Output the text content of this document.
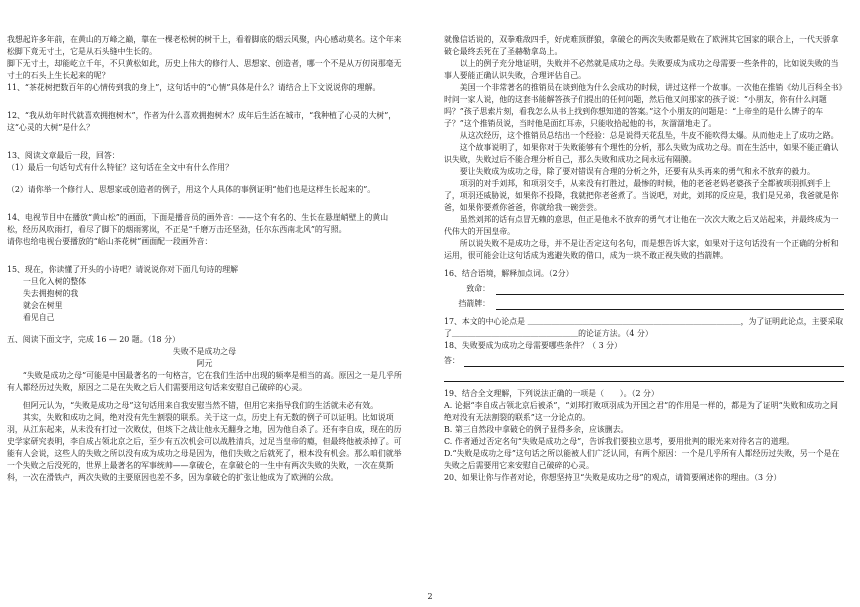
我想起许多年前，在黄山的万峰之巅，靠在一棵老松树的树干上，看着脚底的烟云风聚，内心感动莫名。这个年来松脚下竟无寸土，它是从石头缝中生长的。

脚下无寸土，却能屹立千年，不只黄松如此，历史上伟大的修行人、思想家、创造者，哪一个不是从万仞岗那毫无寸土的石头上生长起来的呢？

11、“茶花树把数百年的心情传到我的身上”，这句话中的“心情”具体是什么？请结合上下文说说你的理解。

12、“我从幼年时代就喜欢拥抱树木”，作者为什么喜欢拥抱树木？成年后生活在城市，“我种植了心灵的大树”，这“心灵的大树”是什么？

13、阅读文章最后一段，回答：

（1）最后一句话句式有什么特征？这句话在全文中有什么作用？

（2）请你举一个修行人、思想家或创造者的例子，用这个人具体的事例证明“他们也是这样生长起来的”。

14、电视节目中在播放“黄山松”的画面，下面是播音员的画外音：——这个有名的、生长在悬崖峭壁上的黄山松，经历风吹雨打，看尽了脚下的烟雨雾岚，不正是“千磨万击还坚劲，任尔东西南北风”的写照。

请你也给电视台要播放的“峪山茶花树”画面配一段画外音：

15、现在，你读懂了开头的小诗吧？请说说你对下面几句诗的理解

一旦化入树的整体

失去拥抱树的我

就会在树里

看见自己

五、阅读下面文字，完成 16 — 20 题。（18 分）

失败不是成功之母

阿元

“失败是成功之母”可能是中国最著名的一句格言，它在我们生活中出现的频率是相当的高。原因之一是几乎所有人都经历过失败，原因之二是在失败之后人们需要用这句话来安慰自己破碎的心灵。

但阿元认为，“失败是成功之母”这句话用来自我安慰当然不错，但用它来指导我们的生活就未必有效。

其实，失败和成功之间，绝对没有先生割裂的联系。关于这一点，历史上有无数的例子可以证明。比如说项羽，从江东起来，从未没有打过一次败仗，但垓下之战让他永无翻身之地，因为他自杀了。还有李自成，现在的历史学家研究表明，李自成占领北京之后，至少有五次机会可以战胜清兵，过足当皇帝的瘾，但最终他被杀掉了。可能有人会说，这些人的失败之所以没有成为成功之母是因为，他们失败之后就死了，根本没有机会。那么咱们就举一个失败之后没死的，世界上最著名的军事统帅——拿破仑，在拿破仑的一生中有两次失败的失败，一次在莫斯科，一次在滑铁卢，两次失败的主要原因也差不多，因为拿破仑的扩张让他成为了欧洲的公敌。

就像信话说的，双拳难敌四手，好虎难顶群狼，拿破仑的两次失败都是败在了欧洲其它国家的联合上，一代天骄拿破仑最终丢死在了圣赫勒拿岛上。

以上的例子充分地证明，失败并不必然就是成功之母。失败要成为成功之母需要一些条件的，比如说失败的当事人要能正确认识失败，合理评估自己。

美国一个非常著名的推销员在谈到他为什么会成功的时候，讲过这样一个故事。一次他在推销《幼儿百科全书》时问一家人说，他的这套书能解答孩子们提出的任何问题，然后他又问那家的孩子说：“小朋友，你有什么问题吗？”孩子思索片刻，看我怎么从书上找到你想知道的答案。”这个小朋友的问题是：“上帝坐的是什么牌子的车子？”这个推销员说，当时他是面红耳赤，只能收拾起他的书，灰溜溜地走了。

从这次经历，这个推销员总结出一个经验：总是说得天花乱坠，牛皮不能吹得太爆。从而他走上了成功之路。

这个故事说明了，如果你对于失败能够有个理性的分析，那么失败为成功之母。而在生活中，如果不能正确认识失败，失败过后不能合理分析自己，那么失败和成功之间永远有隔膜。

要让失败成为成功之母，除了要对错误有合理的分析之外，还要有从头再来的勇气和永不放弃的毅力。

项羽的对手刘邦，和项羽交手，从来没有打胜过，最惨的时候，他的老爸老妈老婆孩子全都被项羽抓到手上了，项羽还威胁说，如果你不投降，我就把你老爸煮了。当说吧，对此，刘邦的反应是，我们是兄弟，我爸就是你爸，如果你要煮你爸爸，你就给我一碗尝尝。

虽然刘邦的话有点冒无赖的意思，但正是他永不放弃的勇气才让他在一次次大败之后又站起来，并最终成为一代伟大的开国皇帝。

所以说失败不是成功之母，并不是让否定这句名句，而是想告诉大家，如果对于这句话没有一个正确的分析和运用，很可能会让这句话成为逃避失败的借口，成为一块不敢正视失败的挡箭牌。

16、结合语境，解释加点词。（2分）

致命：
挡箭牌：

17、本文的中心论点是 ＿＿＿＿＿＿＿＿＿＿＿＿＿＿＿＿＿＿＿＿＿＿＿＿＿＿＿，为了证明此论点，主要采取了＿＿＿＿＿＿＿＿＿＿＿＿＿＿＿＿的论证方法。（4 分）

18、失败要成为成功之母需要哪些条件？（ 3 分）

答：

19、结合全文理解，下列说法正确的一项是（　　）。（2 分）

A. 论据“李自成占领北京后被杀”，“刘邦打败项羽成为开国之君”的作用是一样的，都是为了证明“失败和成功之间绝对没有无法割裂的联系”这一分论点的。

B. 第三自然段中拿破仑的例子显得多余，应该删去。

C. 作者通过否定名句“失败是成功之母”，告诉我们要独立思考，要用批判的眼光来对待名言的道理。

D.“失败是成功之母”这句话之所以能被人们广泛认同，有两个原因：一个是几乎所有人都经历过失败，另一个是在失败之后需要用它来安慰自己破碎的心灵。

20、如果让你与作者对论，你想坚持卫“失败是成功之母”的观点，请简要阐述你的理由。（3 分）

2
